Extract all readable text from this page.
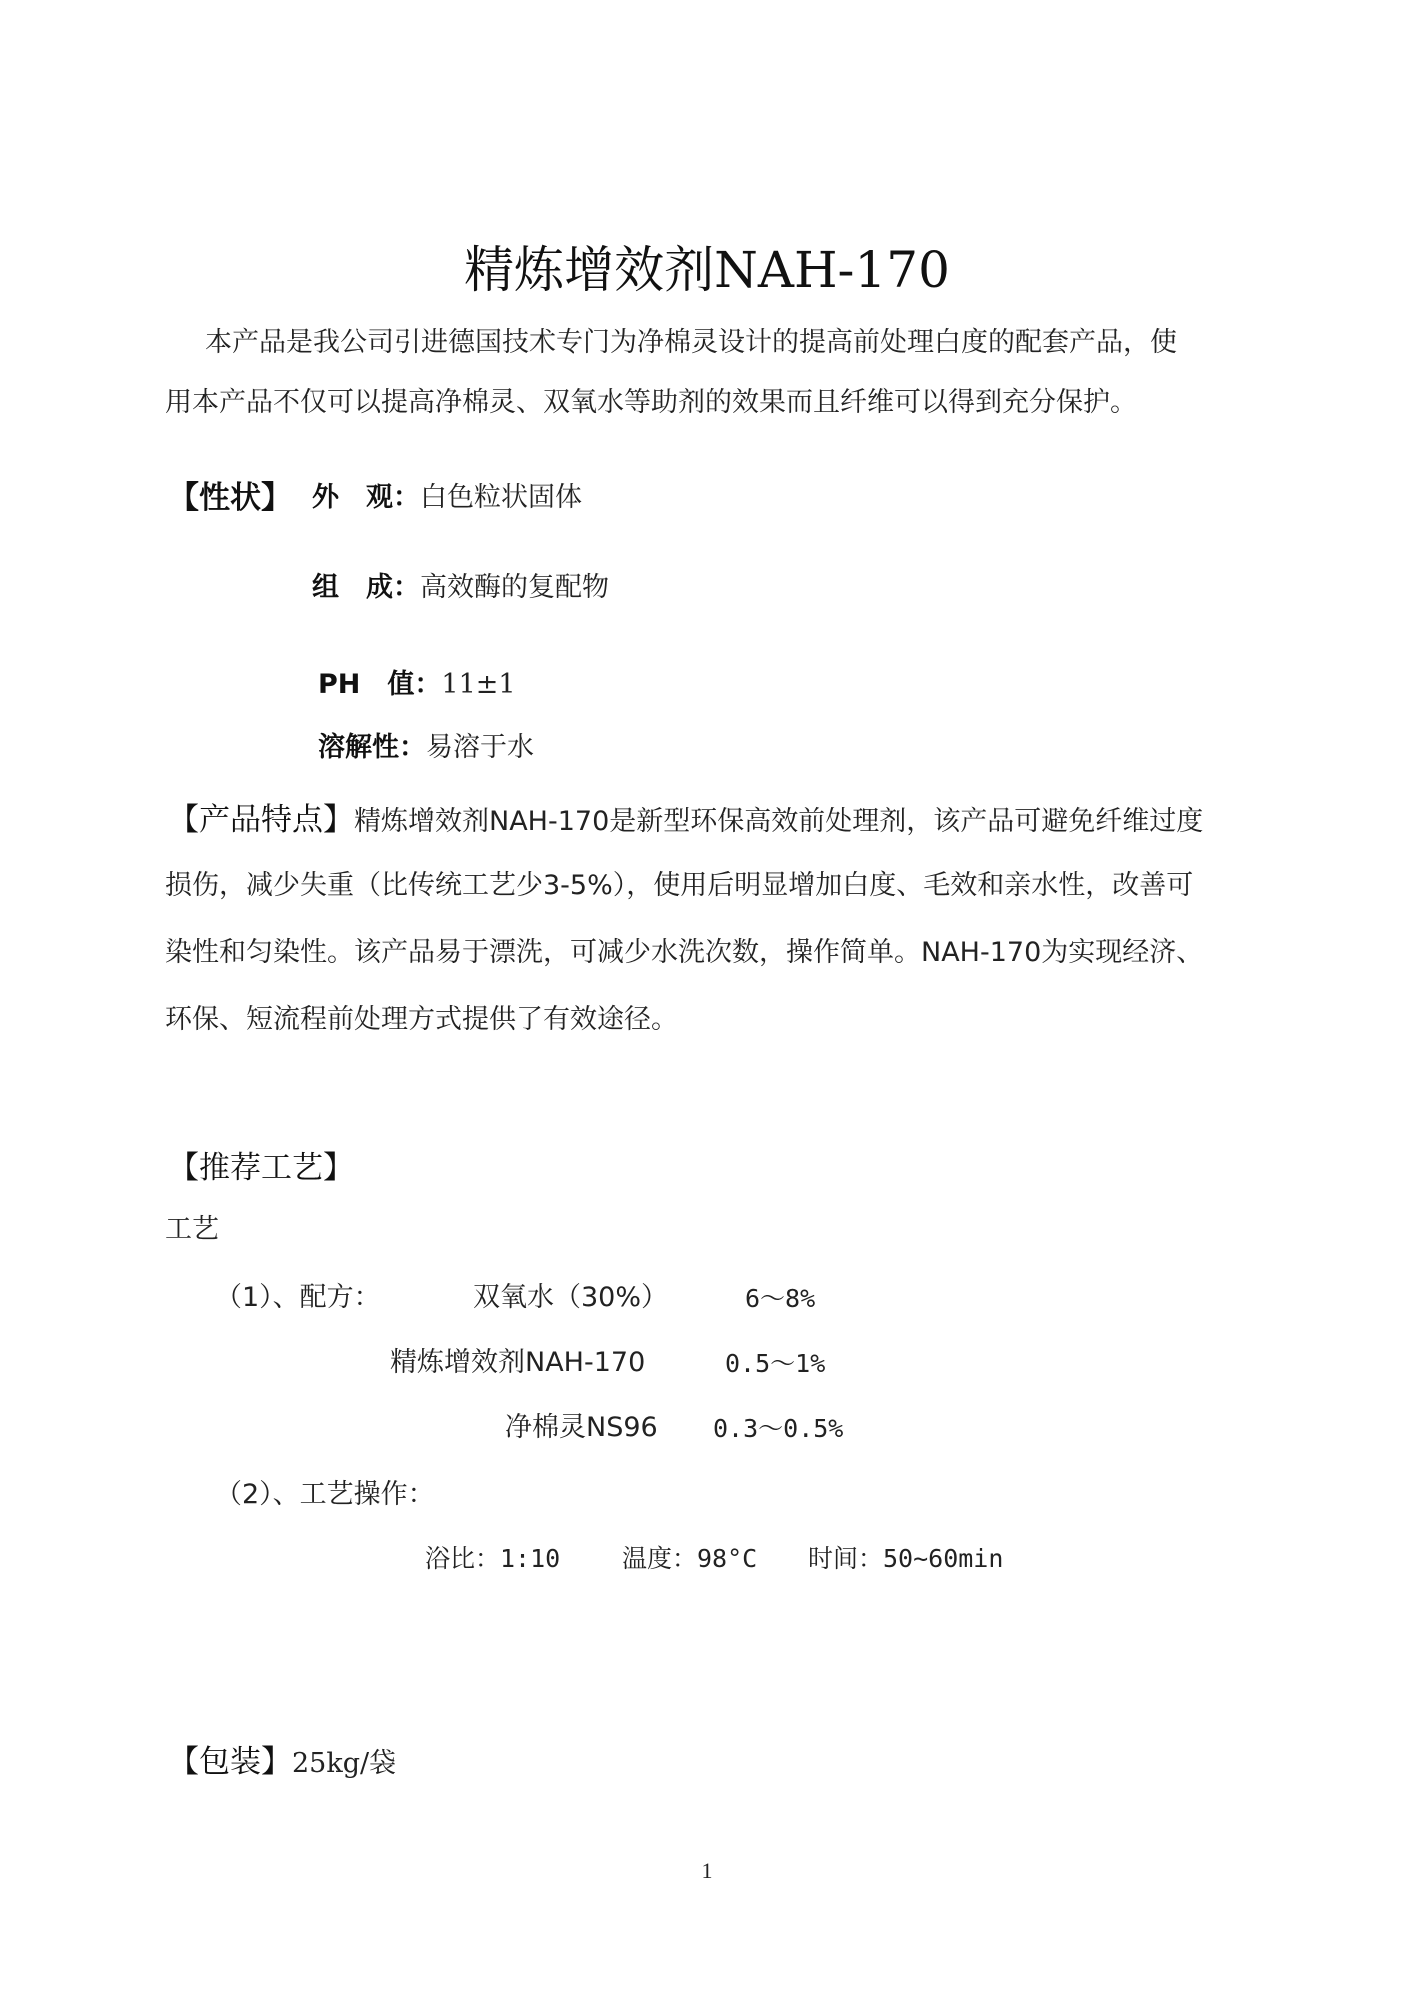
精炼增效剂NAH-170
本产品是我公司引进德国技术专门为净棉灵设计的提高前处理白度的配套产品，使
用本产品不仅可以提高净棉灵、双氧水等助剂的效果而且纤维可以得到充分保护。
【性状】 外　观：白色粒状固体
组　成：高效酶的复配物
PH　值：11±1
溶解性：易溶于水
【产品特点】精炼增效剂NAH-170是新型环保高效前处理剂，该产品可避免纤维过度
损伤，减少失重（比传统工艺少3-5%），使用后明显增加白度、毛效和亲水性，改善可
染性和匀染性。该产品易于漂洗，可减少水洗次数，操作简单。NAH-170为实现经济、
环保、短流程前处理方式提供了有效途径。
【推荐工艺】
工艺
（1）、配方：	双氧水（30%）	6～8%
精炼增效剂NAH-170	0.5～1%
净棉灵NS96 0.3～0.5%
（2）、工艺操作：
浴比：1:10 温度：98°C 时间：50~60min
【包装】25kg/袋
1
